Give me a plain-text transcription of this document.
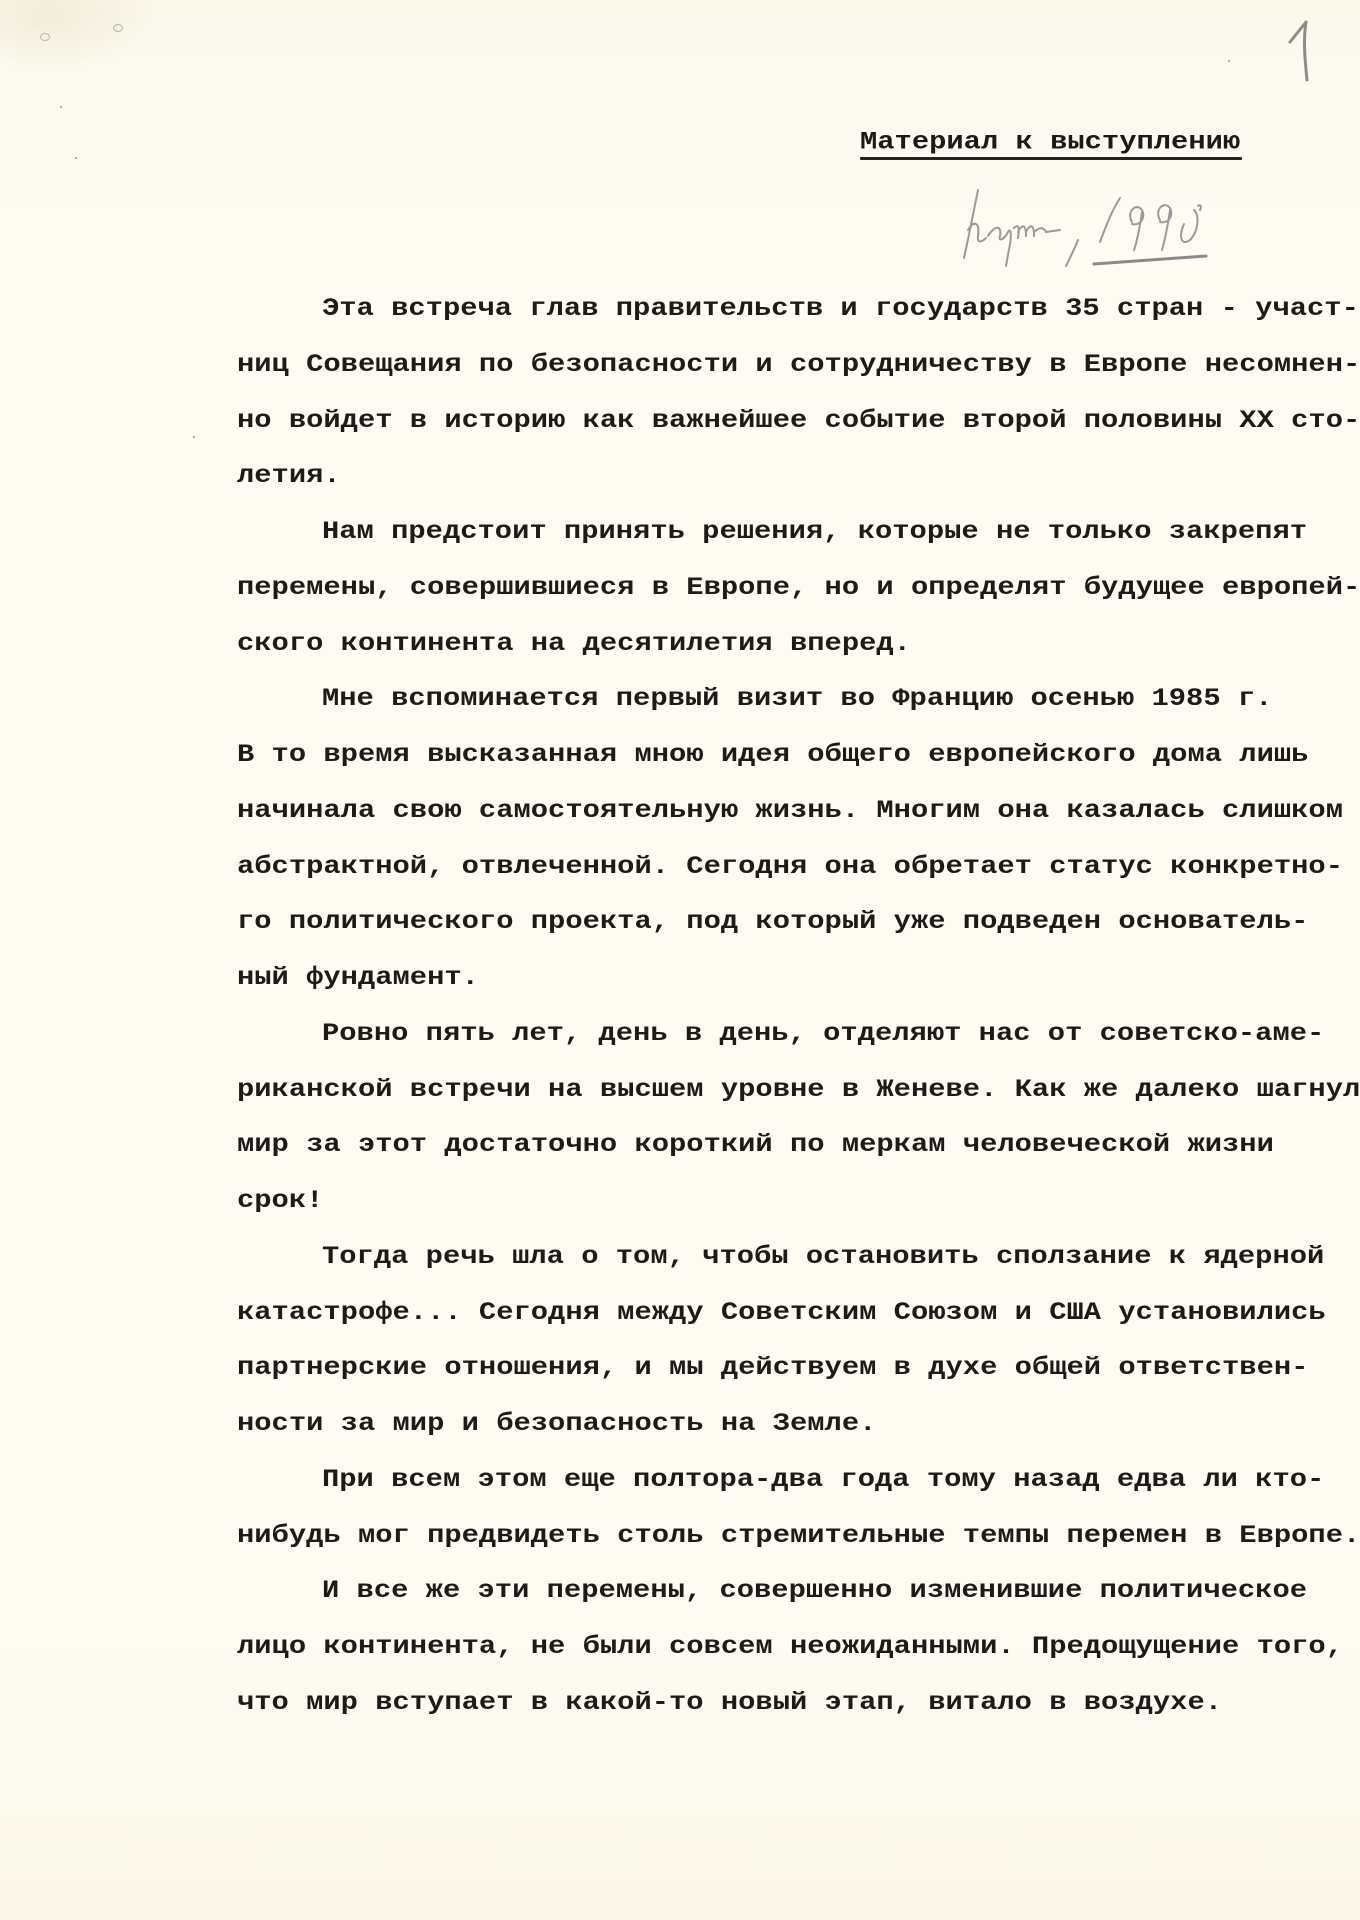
Материал к выступлению
Эта встреча глав правительств и государств 35 стран - участ-
ниц Совещания по безопасности и сотрудничеству в Европе несомнен-
но войдет в историю как важнейшее событие второй половины XX сто-
летия.
Нам предстоит принять решения, которые не только закрепят
перемены, совершившиеся в Европе, но и определят будущее европей-
ского континента на десятилетия вперед.
Мне вспоминается первый визит во Францию осенью 1985 г.
В то время высказанная мною идея общего европейского дома лишь
начинала свою самостоятельную жизнь. Многим она казалась слишком
абстрактной, отвлеченной. Сегодня она обретает статус конкретно-
го политического проекта, под который уже подведен основатель-
ный фундамент.
Ровно пять лет, день в день, отделяют нас от советско-аме-
риканской встречи на высшем уровне в Женеве. Как же далеко шагнул
мир за этот достаточно короткий по меркам человеческой жизни
срок!
Тогда речь шла о том, чтобы остановить сползание к ядерной
катастрофе... Сегодня между Советским Союзом и США установились
партнерские отношения, и мы действуем в духе общей ответствен-
ности за мир и безопасность на Земле.
При всем этом еще полтора-два года тому назад едва ли кто-
нибудь мог предвидеть столь стремительные темпы перемен в Европе.
И все же эти перемены, совершенно изменившие политическое
лицо континента, не были совсем неожиданными. Предощущение того,
что мир вступает в какой-то новый этап, витало в воздухе.
